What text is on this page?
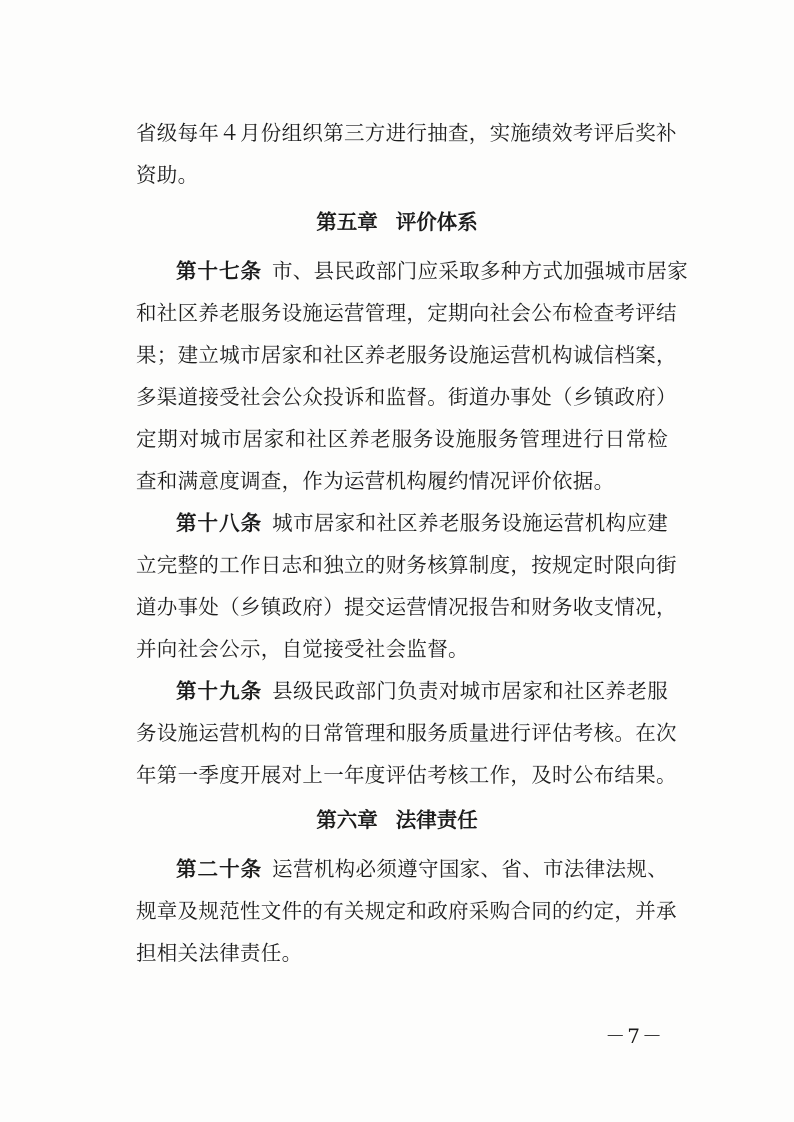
省级每年４月份组织第三方进行抽查，实施绩效考评后奖补
资助。
第五章 评价体系
第十七条 市、县民政部门应采取多种方式加强城市居家
和社区养老服务设施运营管理，定期向社会公布检查考评结
果；建立城市居家和社区养老服务设施运营机构诚信档案，
多渠道接受社会公众投诉和监督。街道办事处（乡镇政府）
定期对城市居家和社区养老服务设施服务管理进行日常检
查和满意度调查，作为运营机构履约情况评价依据。
第十八条 城市居家和社区养老服务设施运营机构应建
立完整的工作日志和独立的财务核算制度，按规定时限向街
道办事处（乡镇政府）提交运营情况报告和财务收支情况，
并向社会公示，自觉接受社会监督。
第十九条 县级民政部门负责对城市居家和社区养老服
务设施运营机构的日常管理和服务质量进行评估考核。在次
年第一季度开展对上一年度评估考核工作，及时公布结果。
第六章 法律责任
第二十条 运营机构必须遵守国家、省、市法律法规、
规章及规范性文件的有关规定和政府采购合同的约定，并承
担相关法律责任。
－7－
